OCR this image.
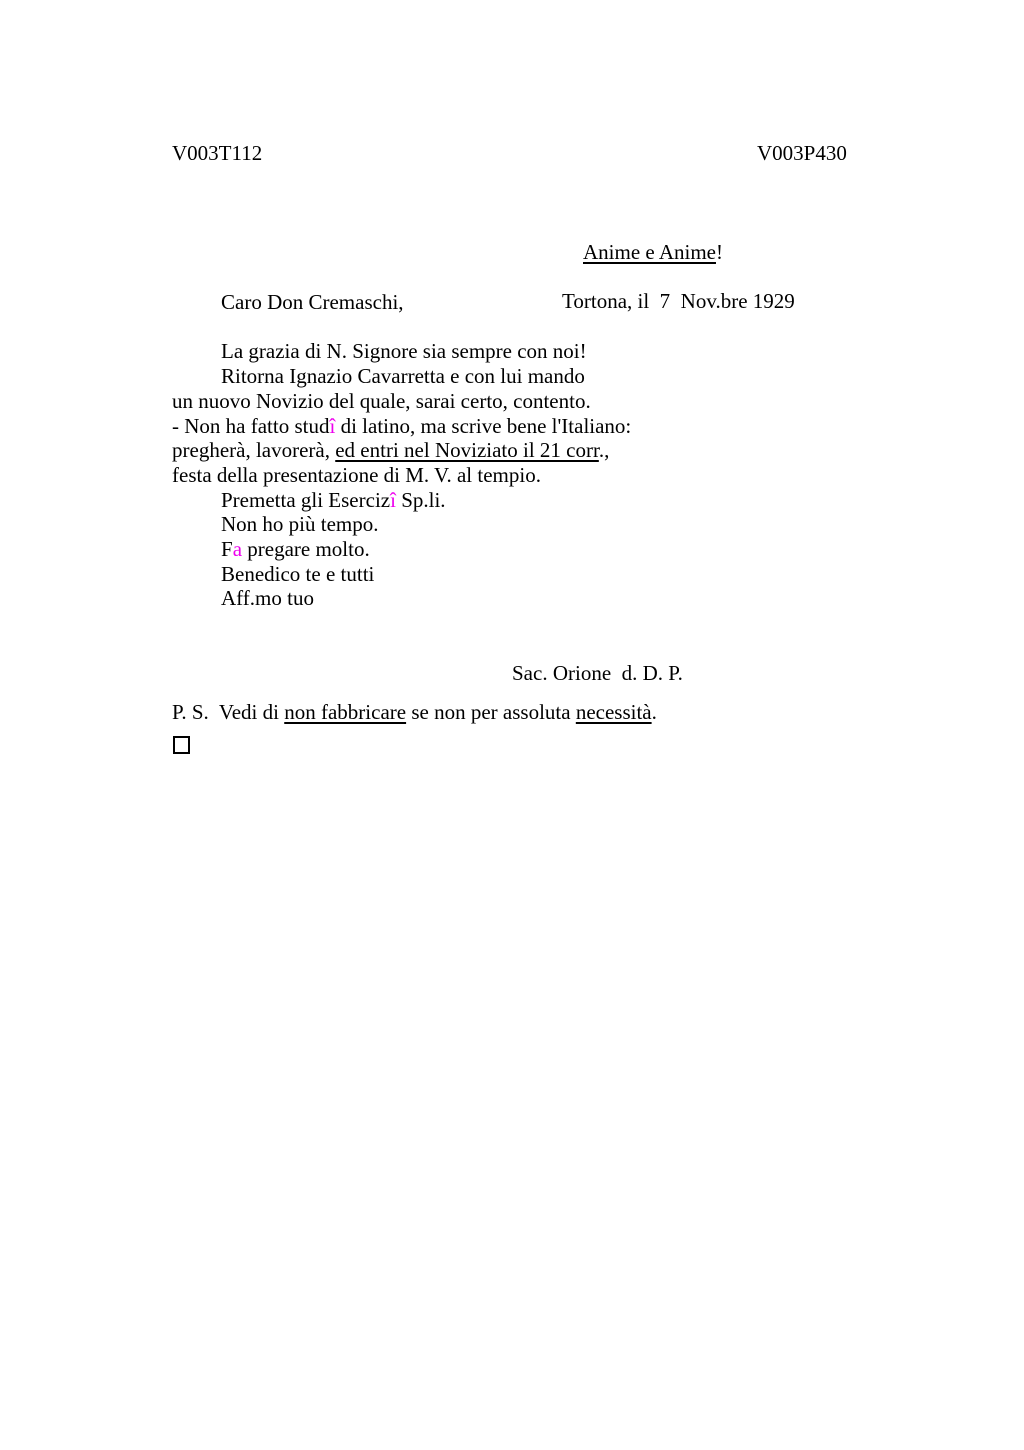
V003T112	V003P430

Anime e Anime!

Tortona, il  7  Nov.bre 1929
Caro Don Cremaschi,
La grazia di N. Signore sia sempre con noi!
Ritorna Ignazio Cavarretta e con lui mando
un nuovo Novizio del quale, sarai certo, contento.
- Non ha fatto studî di latino, ma scrive bene l'Italiano:
pregherà, lavorerà, ed entri nel Noviziato il 21 corr.,
festa della presentazione di M. V. al tempio.
Premetta gli Esercizî Sp.li.
Non ho più tempo.
Fa pregare molto.
Benedico te e tutti
Aff.mo tuo
Sac. Orione  d. D. P.
P. S.  Vedi di non fabbricare se non per assoluta necessità.
